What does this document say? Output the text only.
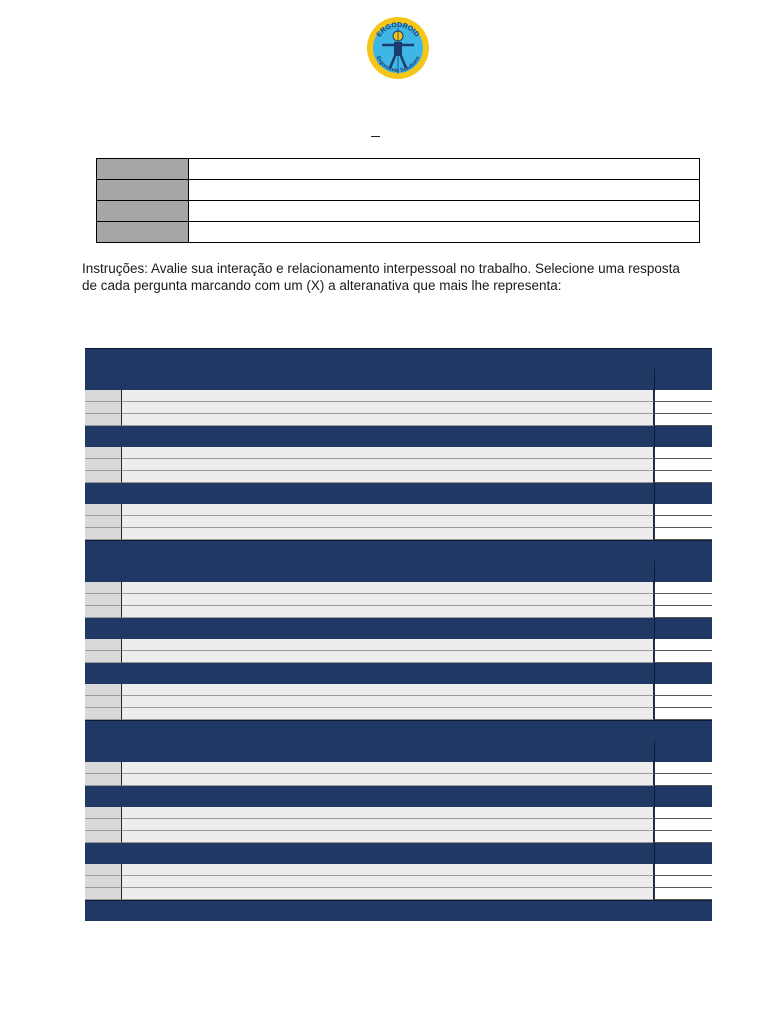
ERGODROID
Ergonomic Solutions

Instruções: Avalie sua interação e relacionamento interpessoal no trabalho. Selecione uma resposta de cada pergunta marcando com um (X) a alteranativa que mais lhe representa:
